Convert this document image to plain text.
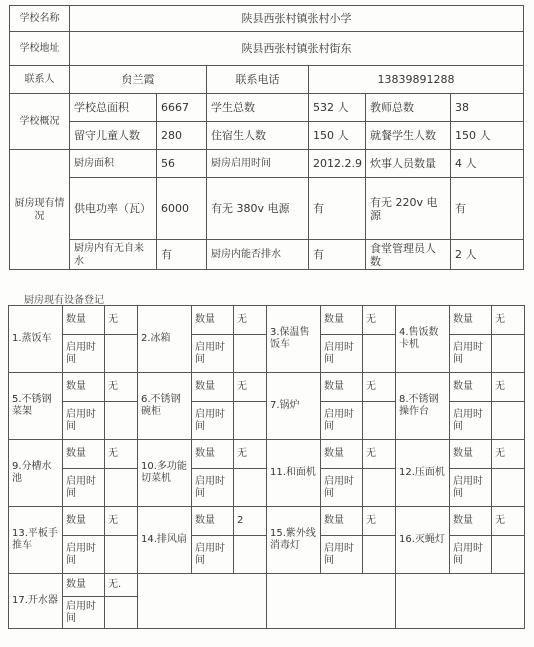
学校名称	陕县西张村镇张村小学					
学校地址	陕县西张村镇张村街东					
联系人	贠兰霞		联系电话	13839891288		
学校概况	学校总面积	6667	学生总数	532 人	教师总数	38
	留守儿童人数	280	住宿生人数	150 人	就餐学生人数	150 人
厨房现有情况	厨房面积	56	厨房启用时间	2012.2.9	炊事人员数量	4 人
	供电功率（瓦）	6000	有无 380v 电源	有	有无 220v 电源	有
	厨房内有无自来水	有	厨房内能否排水	有	食堂管理员人数	2 人
厨房现有设备登记
1.蒸饭车	数量	无	2.冰箱	数量	无	3.保温售饭车	数量	无	4.售饭数卡机	数量	无
	启用时间			启用时间			启用时间			启用时间	
5.不锈钢菜架	数量	无	6.不锈钢碗柜	数量	无	7.锅炉	数量	无	8.不锈钢操作台	数量	无
	启用时间			启用时间			启用时间			启用时间	
9.分槽水池	数量	无	10.多功能切菜机	数量	无	11.和面机	数量	无	12.压面机	数量	无
	启用时间			启用时间			启用时间			启用时间	
13.平板手推车	数量	无	14.排风扇	数量	2	15.紫外线消毒灯	数量	无	16.灭蝇灯	数量	无
	启用时间			启用时间			启用时间			启用时间	
17.开水器	数量	无.									
	启用时间										
